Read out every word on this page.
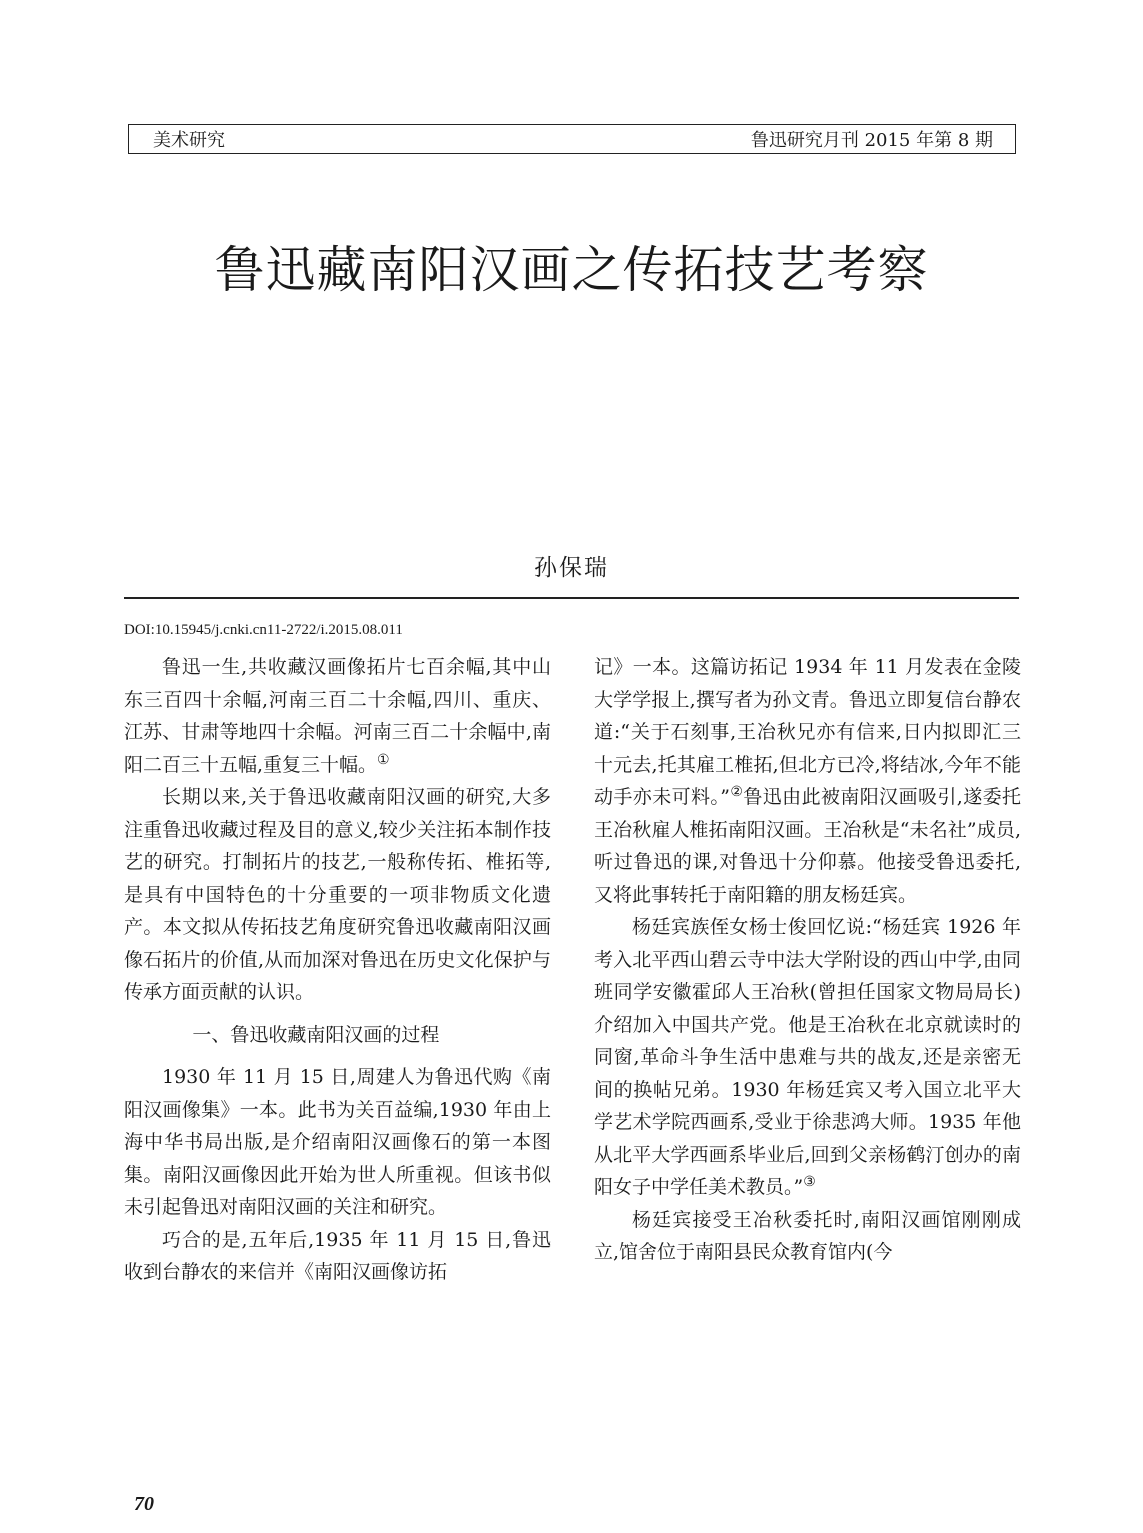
美术研究	鲁迅研究月刊 2015 年第 8 期
鲁迅藏南阳汉画之传拓技艺考察
孙保瑞
DOI:10.15945/j.cnki.cn11-2722/i.2015.08.011

鲁迅一生,共收藏汉画像拓片七百余幅,其中山东三百四十余幅,河南三百二十余幅,四川、重庆、江苏、甘肃等地四十余幅。河南三百二十余幅中,南阳二百三十五幅,重复三十幅。①

长期以来,关于鲁迅收藏南阳汉画的研究,大多注重鲁迅收藏过程及目的意义,较少关注拓本制作技艺的研究。打制拓片的技艺,一般称传拓、椎拓等,是具有中国特色的十分重要的一项非物质文化遗产。本文拟从传拓技艺角度研究鲁迅收藏南阳汉画像石拓片的价值,从而加深对鲁迅在历史文化保护与传承方面贡献的认识。

一、鲁迅收藏南阳汉画的过程

1930 年 11 月 15 日,周建人为鲁迅代购《南阳汉画像集》一本。此书为关百益编,1930 年由上海中华书局出版,是介绍南阳汉画像石的第一本图集。南阳汉画像因此开始为世人所重视。但该书似未引起鲁迅对南阳汉画的关注和研究。

巧合的是,五年后,1935 年 11 月 15 日,鲁迅收到台静农的来信并《南阳汉画像访拓

记》一本。这篇访拓记 1934 年 11 月发表在金陵大学学报上,撰写者为孙文青。鲁迅立即复信台静农道:“关于石刻事,王冶秋兄亦有信来,日内拟即汇三十元去,托其雇工椎拓,但北方已冷,将结冰,今年不能动手亦未可料。”②鲁迅由此被南阳汉画吸引,遂委托王冶秋雇人椎拓南阳汉画。王冶秋是“未名社”成员,听过鲁迅的课,对鲁迅十分仰慕。他接受鲁迅委托,又将此事转托于南阳籍的朋友杨廷宾。

杨廷宾族侄女杨士俊回忆说:“杨廷宾 1926 年考入北平西山碧云寺中法大学附设的西山中学,由同班同学安徽霍邱人王冶秋(曾担任国家文物局局长)介绍加入中国共产党。他是王冶秋在北京就读时的同窗,革命斗争生活中患难与共的战友,还是亲密无间的换帖兄弟。1930 年杨廷宾又考入国立北平大学艺术学院西画系,受业于徐悲鸿大师。1935 年他从北平大学西画系毕业后,回到父亲杨鹤汀创办的南阳女子中学任美术教员。”③

杨廷宾接受王冶秋委托时,南阳汉画馆刚刚成立,馆舍位于南阳县民众教育馆内(今

70
